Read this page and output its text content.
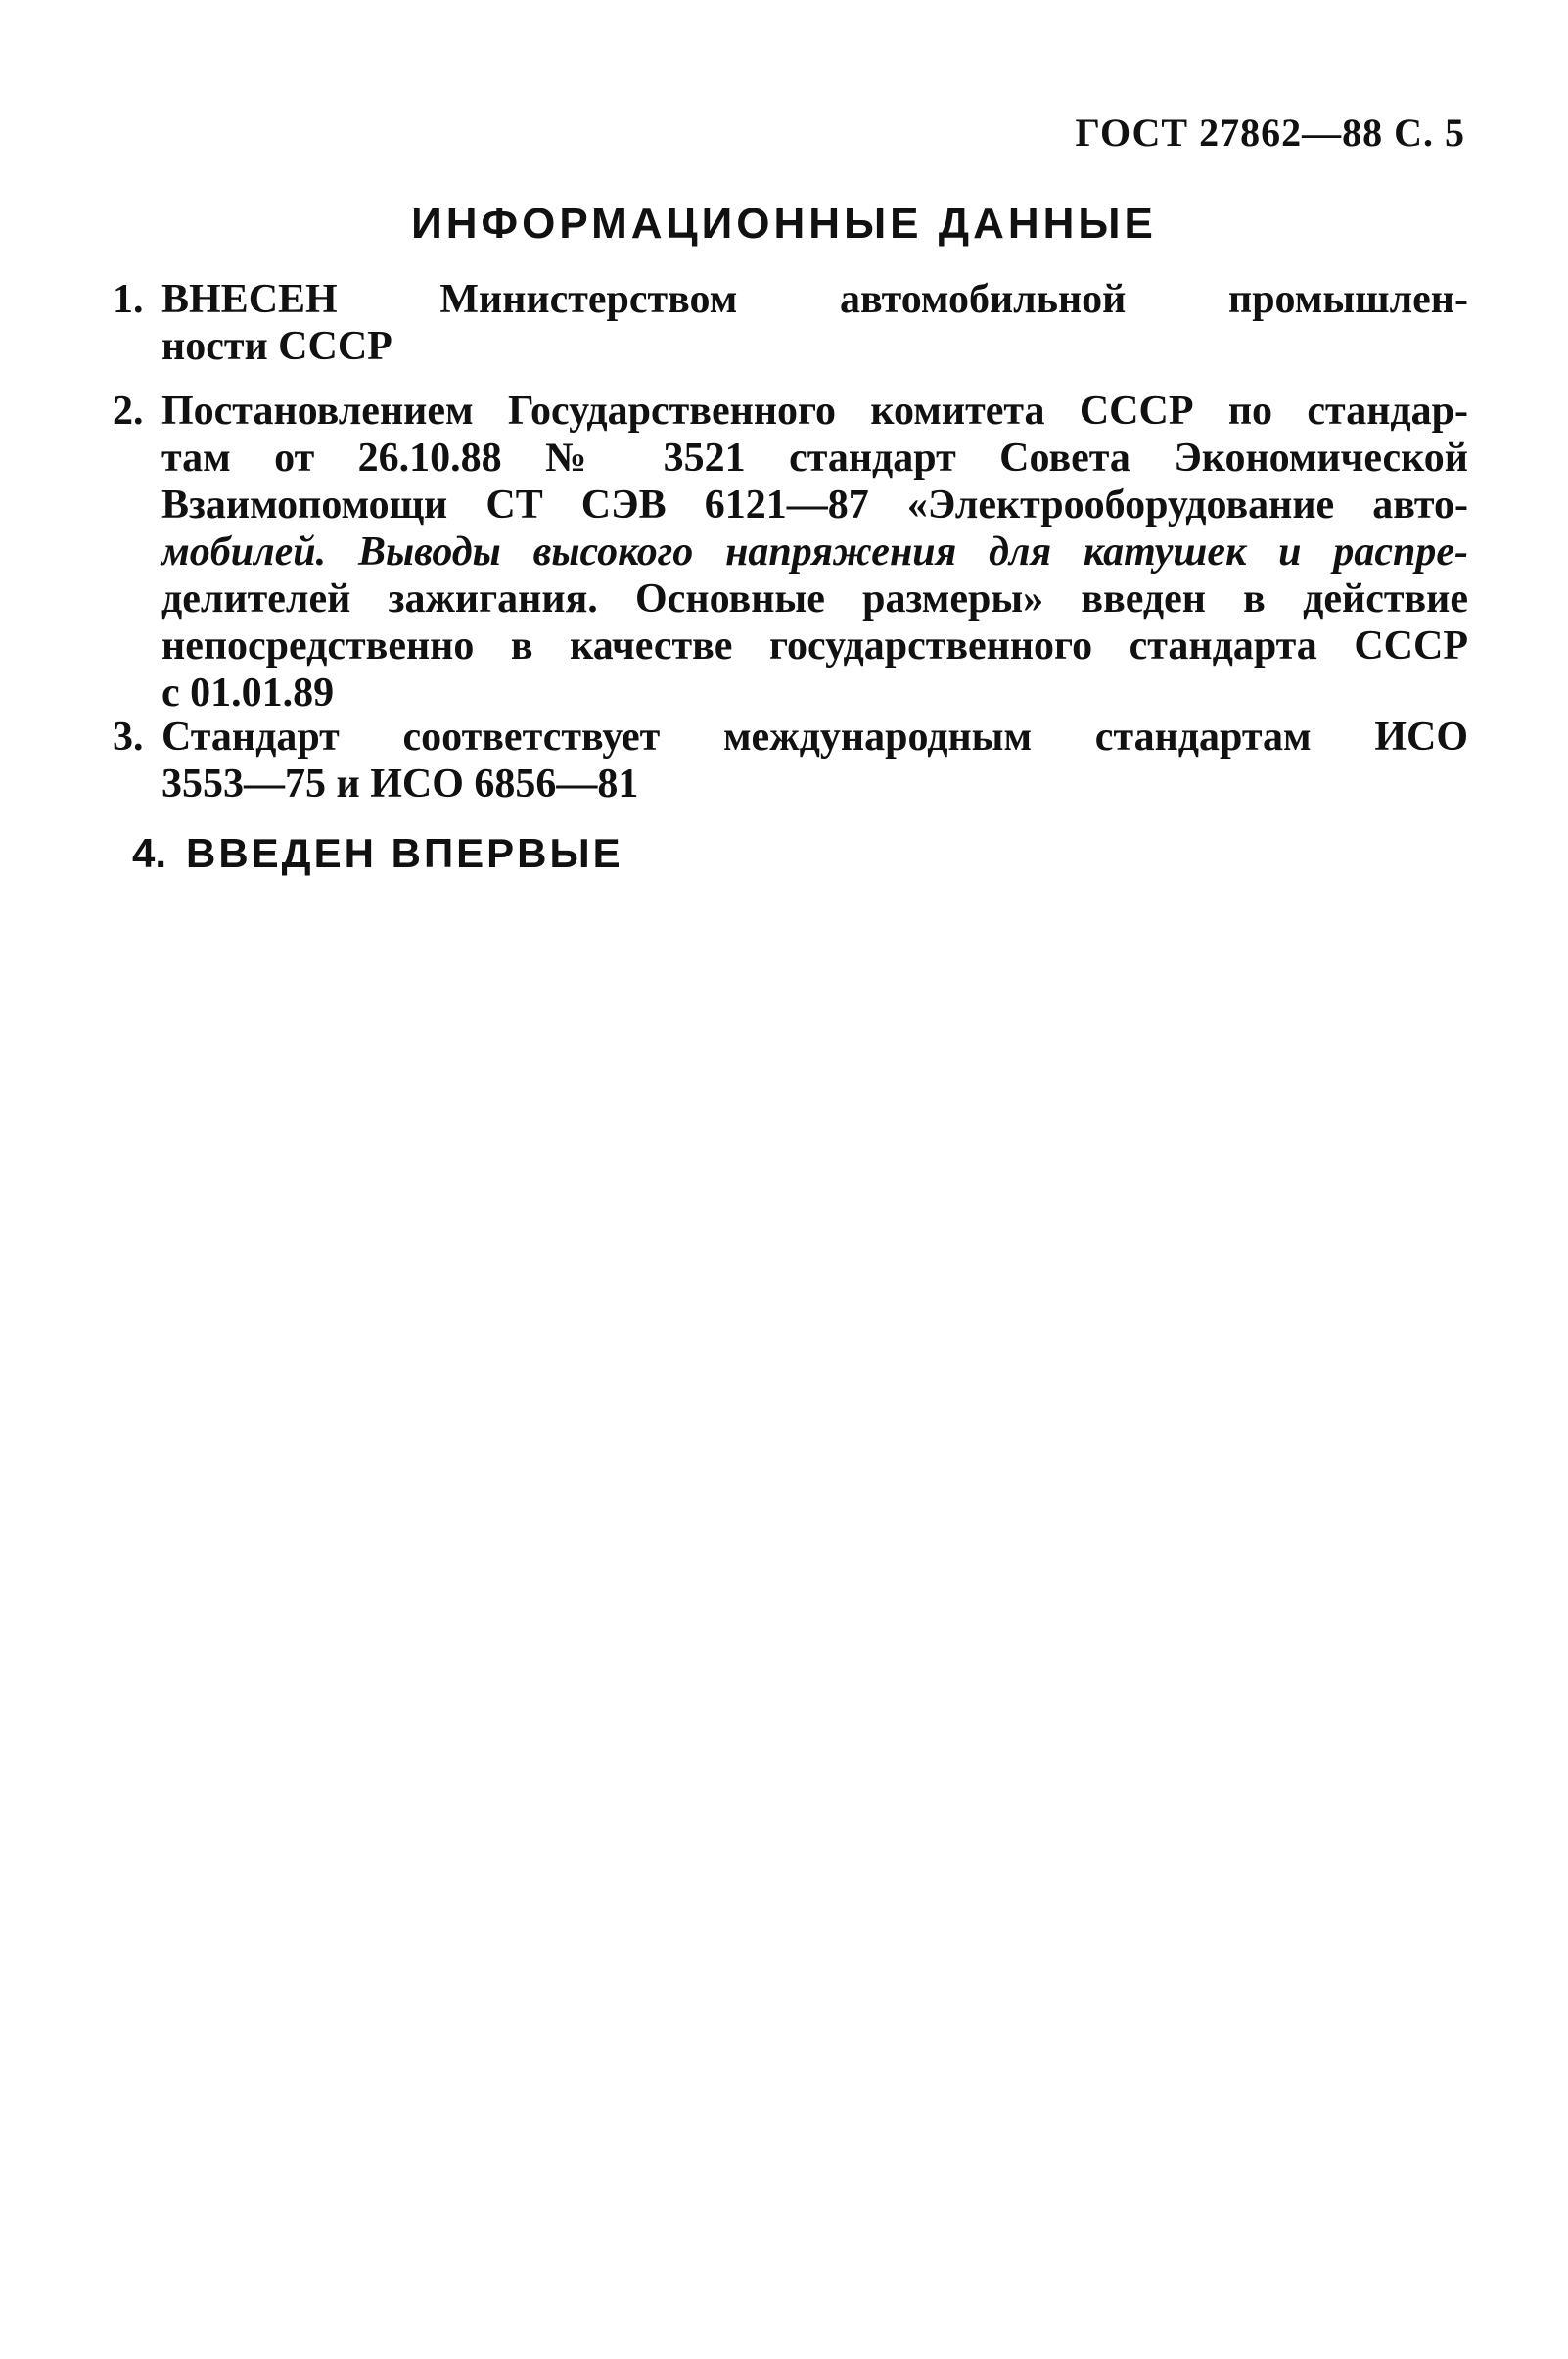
ГОСТ 27862—88 С. 5
ИНФОРМАЦИОННЫЕ ДАННЫЕ
1. ВНЕСЕН Министерством автомобильной промышлен-
ности СССР
2. Постановлением Государственного комитета СССР по стандар-
там от 26.10.88 № 3521 стандарт Совета Экономической
Взаимопомощи СТ СЭВ 6121—87 «Электрооборудование авто-
мобилей. Выводы высокого напряжения для катушек и распре-
делителей зажигания. Основные размеры» введен в действие
непосредственно в качестве государственного стандарта СССР
с 01.01.89
3. Стандарт соответствует международным стандартам ИСО
3553—75 и ИСО 6856—81
4. ВВЕДЕН ВПЕРВЫЕ
